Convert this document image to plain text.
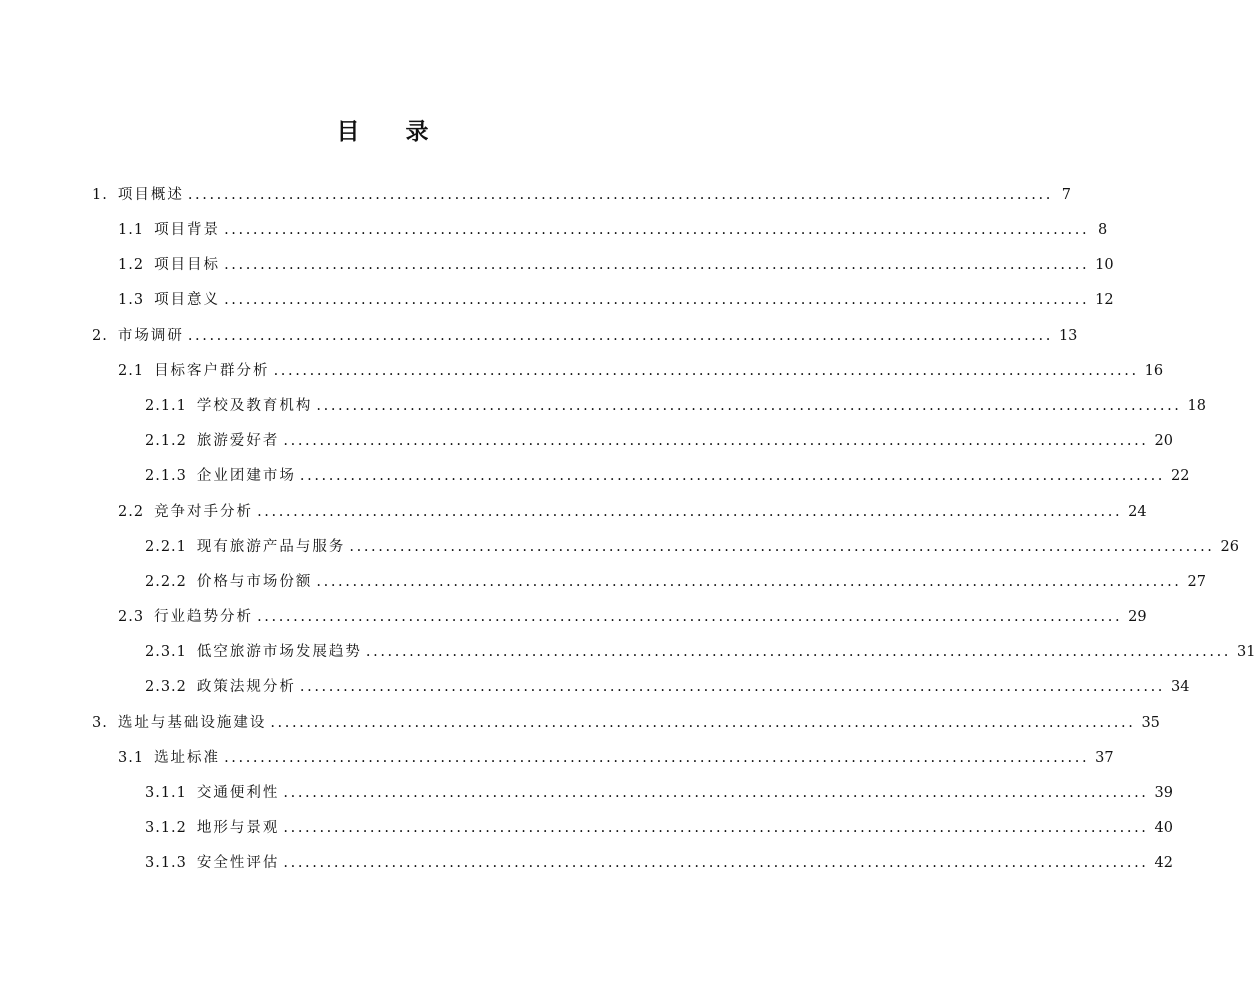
目 录
1. 项目概述 ........................................................................................................................ 7
1.1 项目背景 ........................................................................................................................ 8
1.2 项目目标 ........................................................................................................................ 10
1.3 项目意义 ........................................................................................................................ 12
2. 市场调研 ........................................................................................................................ 13
2.1 目标客户群分析 ........................................................................................................................ 16
2.1.1 学校及教育机构 ........................................................................................................................ 18
2.1.2 旅游爱好者 ........................................................................................................................ 20
2.1.3 企业团建市场 ........................................................................................................................ 22
2.2 竞争对手分析 ........................................................................................................................ 24
2.2.1 现有旅游产品与服务 ........................................................................................................................ 26
2.2.2 价格与市场份额 ........................................................................................................................ 27
2.3 行业趋势分析 ........................................................................................................................ 29
2.3.1 低空旅游市场发展趋势 ........................................................................................................................ 31
2.3.2 政策法规分析 ........................................................................................................................ 34
3. 选址与基础设施建设 ........................................................................................................................ 35
3.1 选址标准 ........................................................................................................................ 37
3.1.1 交通便利性 ........................................................................................................................ 39
3.1.2 地形与景观 ........................................................................................................................ 40
3.1.3 安全性评估 ........................................................................................................................ 42
